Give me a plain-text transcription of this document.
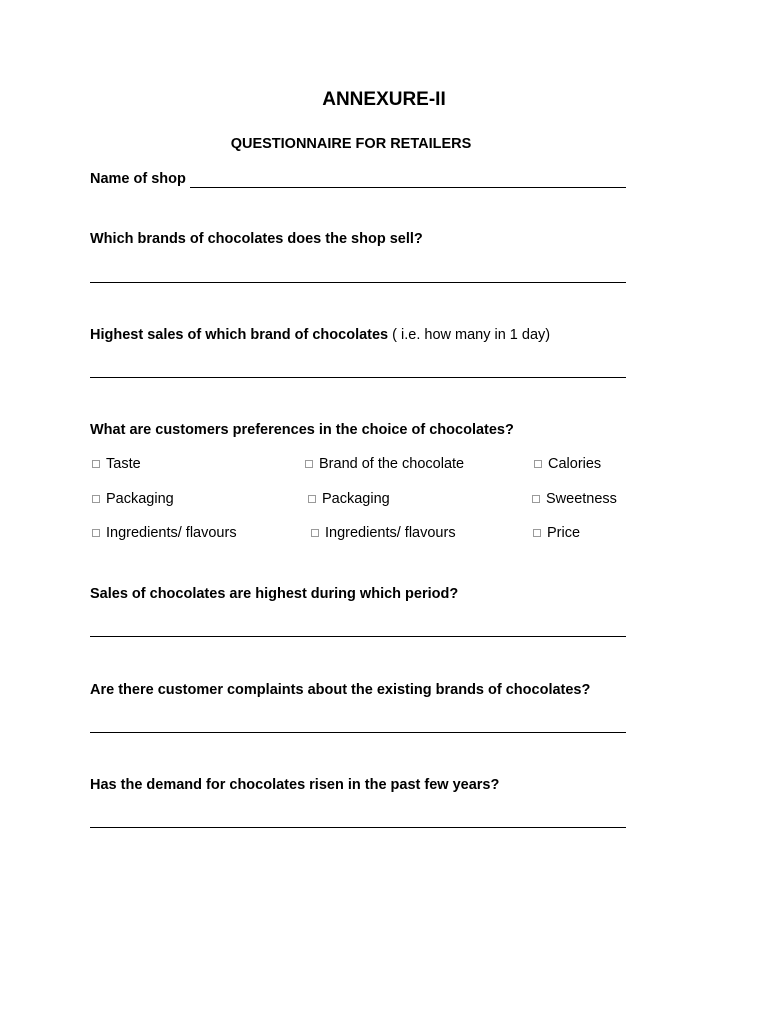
ANNEXURE-II
QUESTIONNAIRE FOR RETAILERS
Name of shop
Which brands of chocolates does the shop sell?
Highest sales of which brand of chocolates ( i.e. how many in 1 day)
What are customers preferences in the choice of chocolates?
Taste	Brand of the chocolate	Calories
Packaging	Packaging	Sweetness
Ingredients/ flavours	Ingredients/ flavours	Price
Sales of chocolates are highest during which period?
Are there customer complaints about the existing brands of chocolates?
Has the demand for chocolates risen in the past few years?
